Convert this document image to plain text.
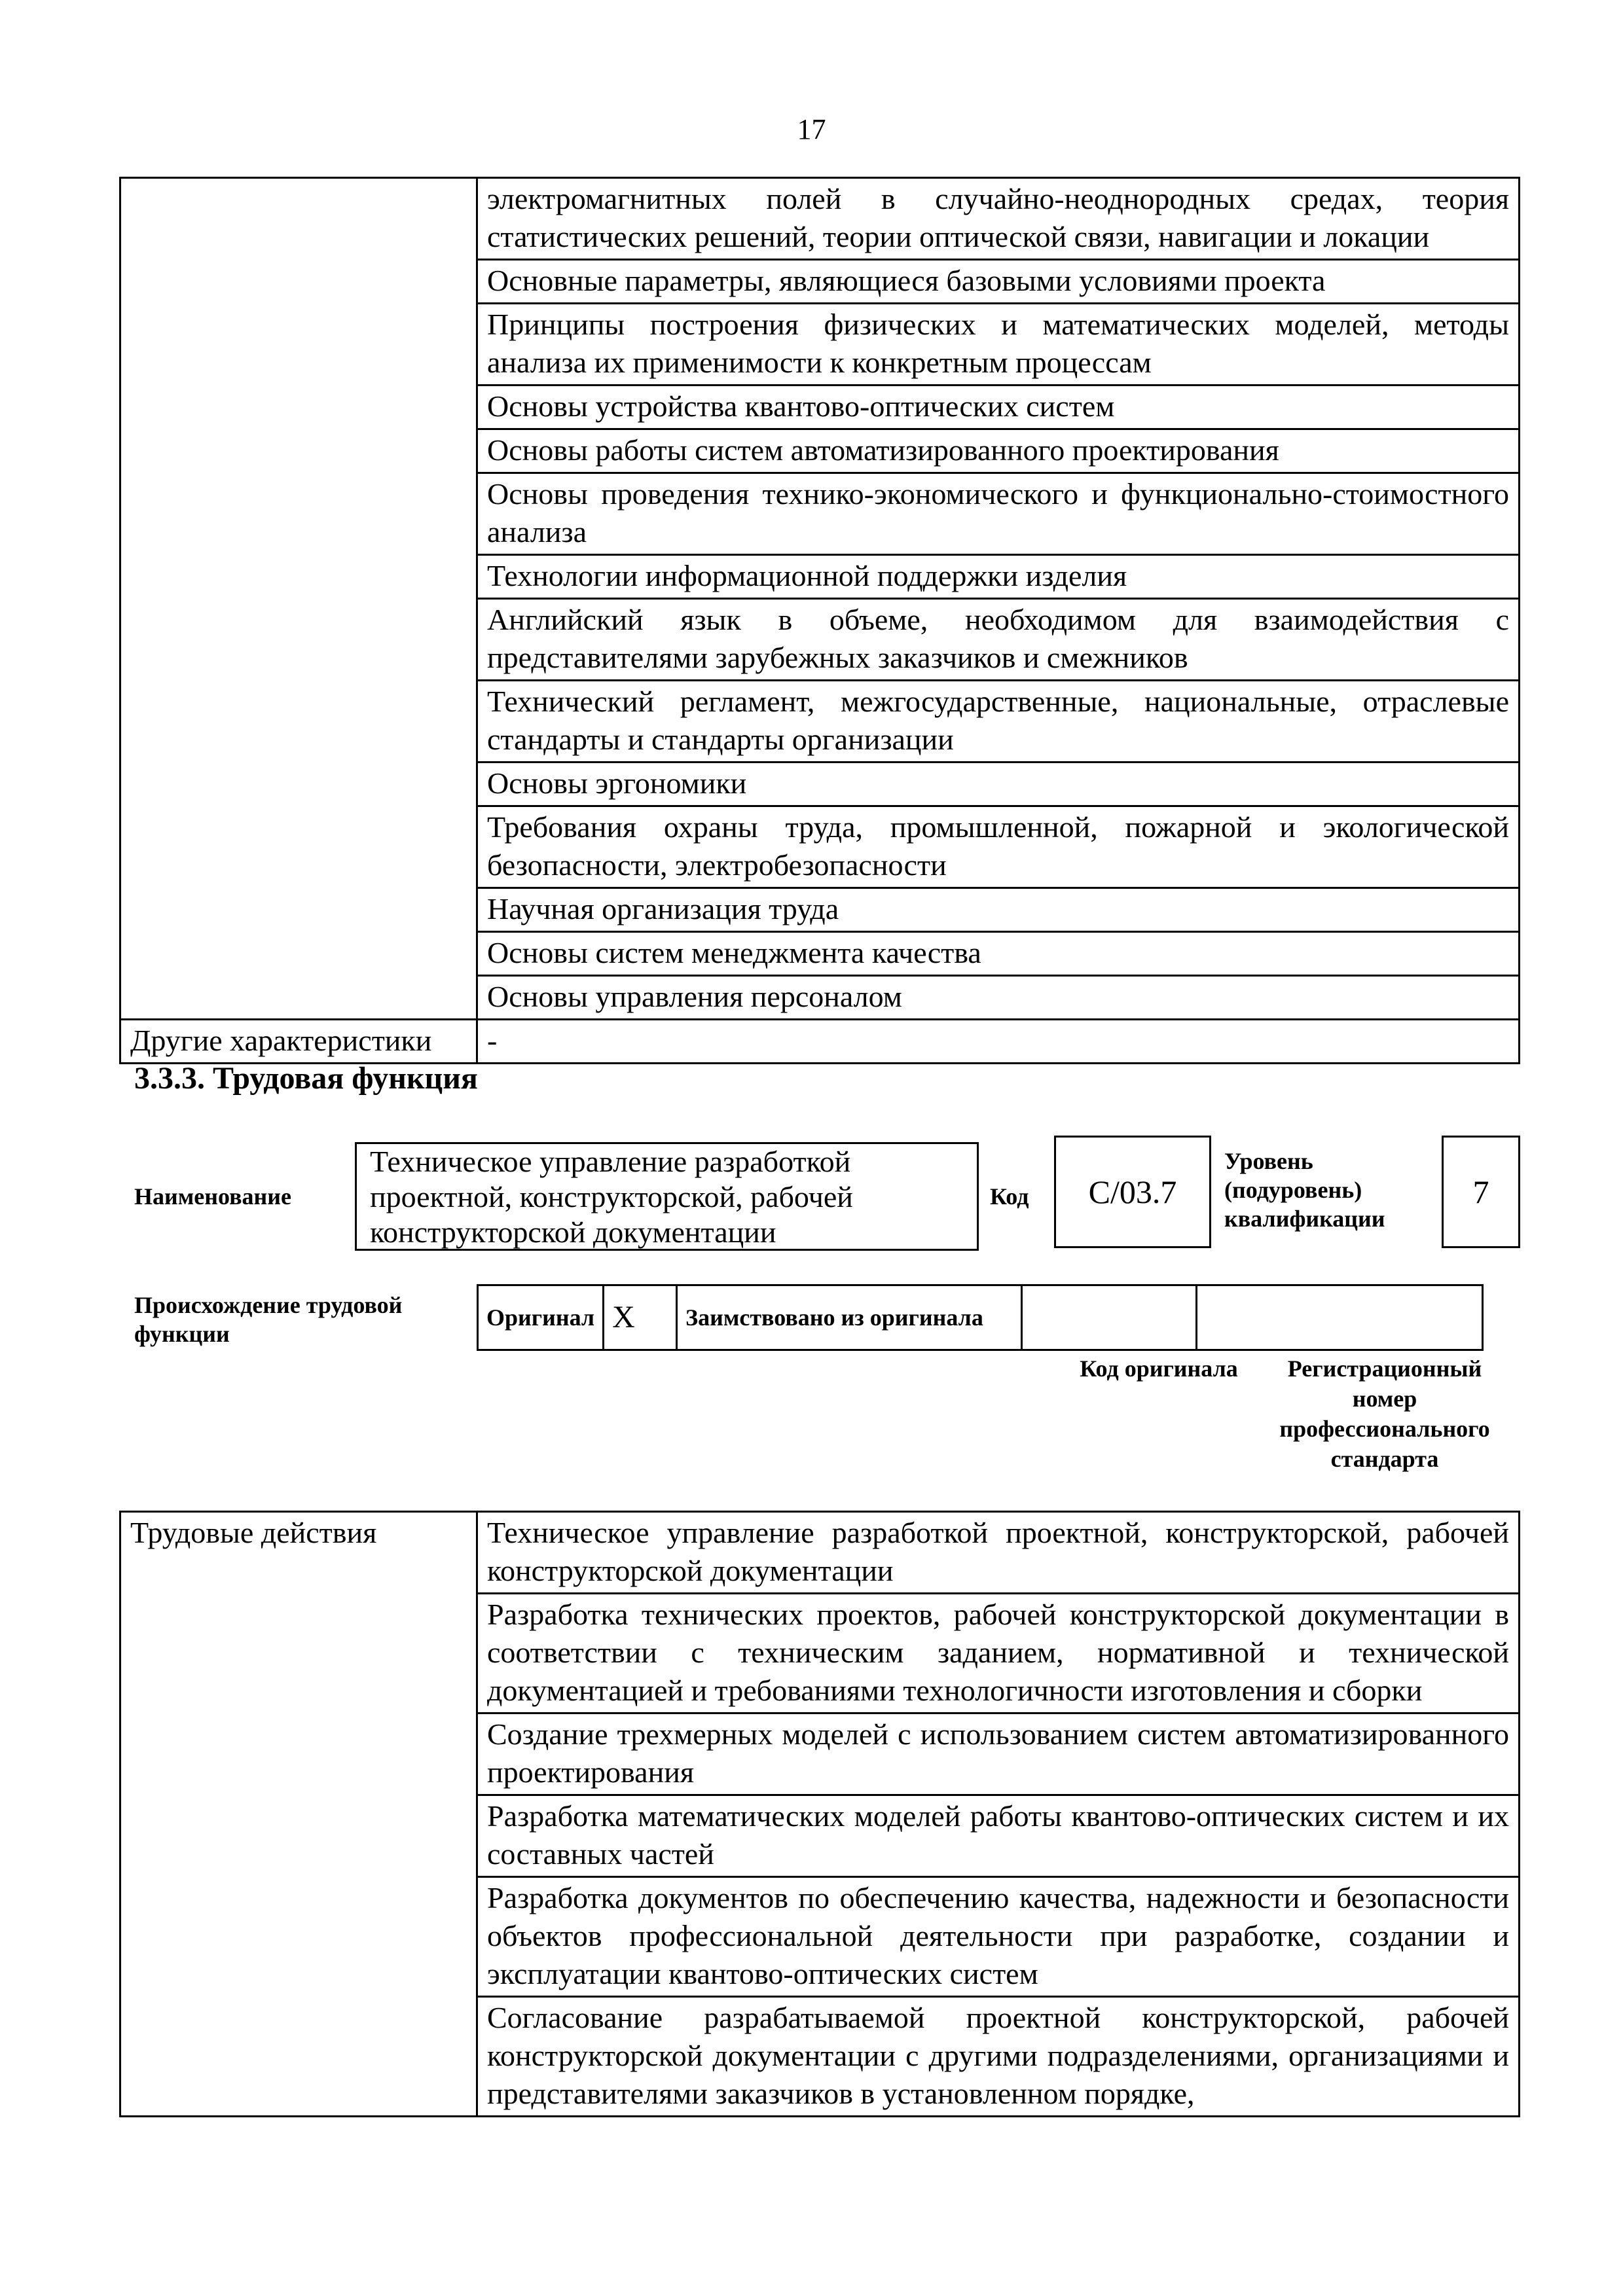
17
	электромагнитных полей в случайно-неоднородных средах, теория статистических решений, теории оптической связи, навигации и локации
	Основные параметры, являющиеся базовыми условиями проекта
	Принципы построения физических и математических моделей, методы анализа их применимости к конкретным процессам
	Основы устройства квантово-оптических систем
	Основы работы систем автоматизированного проектирования
	Основы проведения технико-экономического и функционально-стоимостного анализа
	Технологии информационной поддержки изделия
	Английский язык в объеме, необходимом для взаимодействия с представителями зарубежных заказчиков и смежников
	Технический регламент, межгосударственные, национальные, отраслевые стандарты и стандарты организации
	Основы эргономики
	Требования охраны труда, промышленной, пожарной и экологической безопасности, электробезопасности
	Научная организация труда
	Основы систем менеджмента качества
	Основы управления персоналом
Другие характеристики	-
3.3.3. Трудовая функция
Наименование
Техническое управление разработкой проектной, конструкторской, рабочей конструкторской документации
Код	С/03.7
Уровень (подуровень) квалификации
7
Происхождение трудовой функции
Оригинал	X	Заимствовано из оригинала		
Код оригинала	Регистрационный номер профессионального стандарта
Трудовые действия	Техническое управление разработкой проектной, конструкторской, рабочей конструкторской документации
Разработка технических проектов, рабочей конструкторской документации в соответствии с техническим заданием, нормативной и технической документацией и требованиями технологичности изготовления и сборки
Создание трехмерных моделей с использованием систем автоматизированного проектирования
Разработка математических моделей работы квантово-оптических систем и их составных частей
Разработка документов по обеспечению качества, надежности и безопасности объектов профессиональной деятельности при разработке, создании и эксплуатации квантово-оптических систем
Согласование разрабатываемой проектной конструкторской, рабочей конструкторской документации с другими подразделениями, организациями и представителями заказчиков в установленном порядке,
